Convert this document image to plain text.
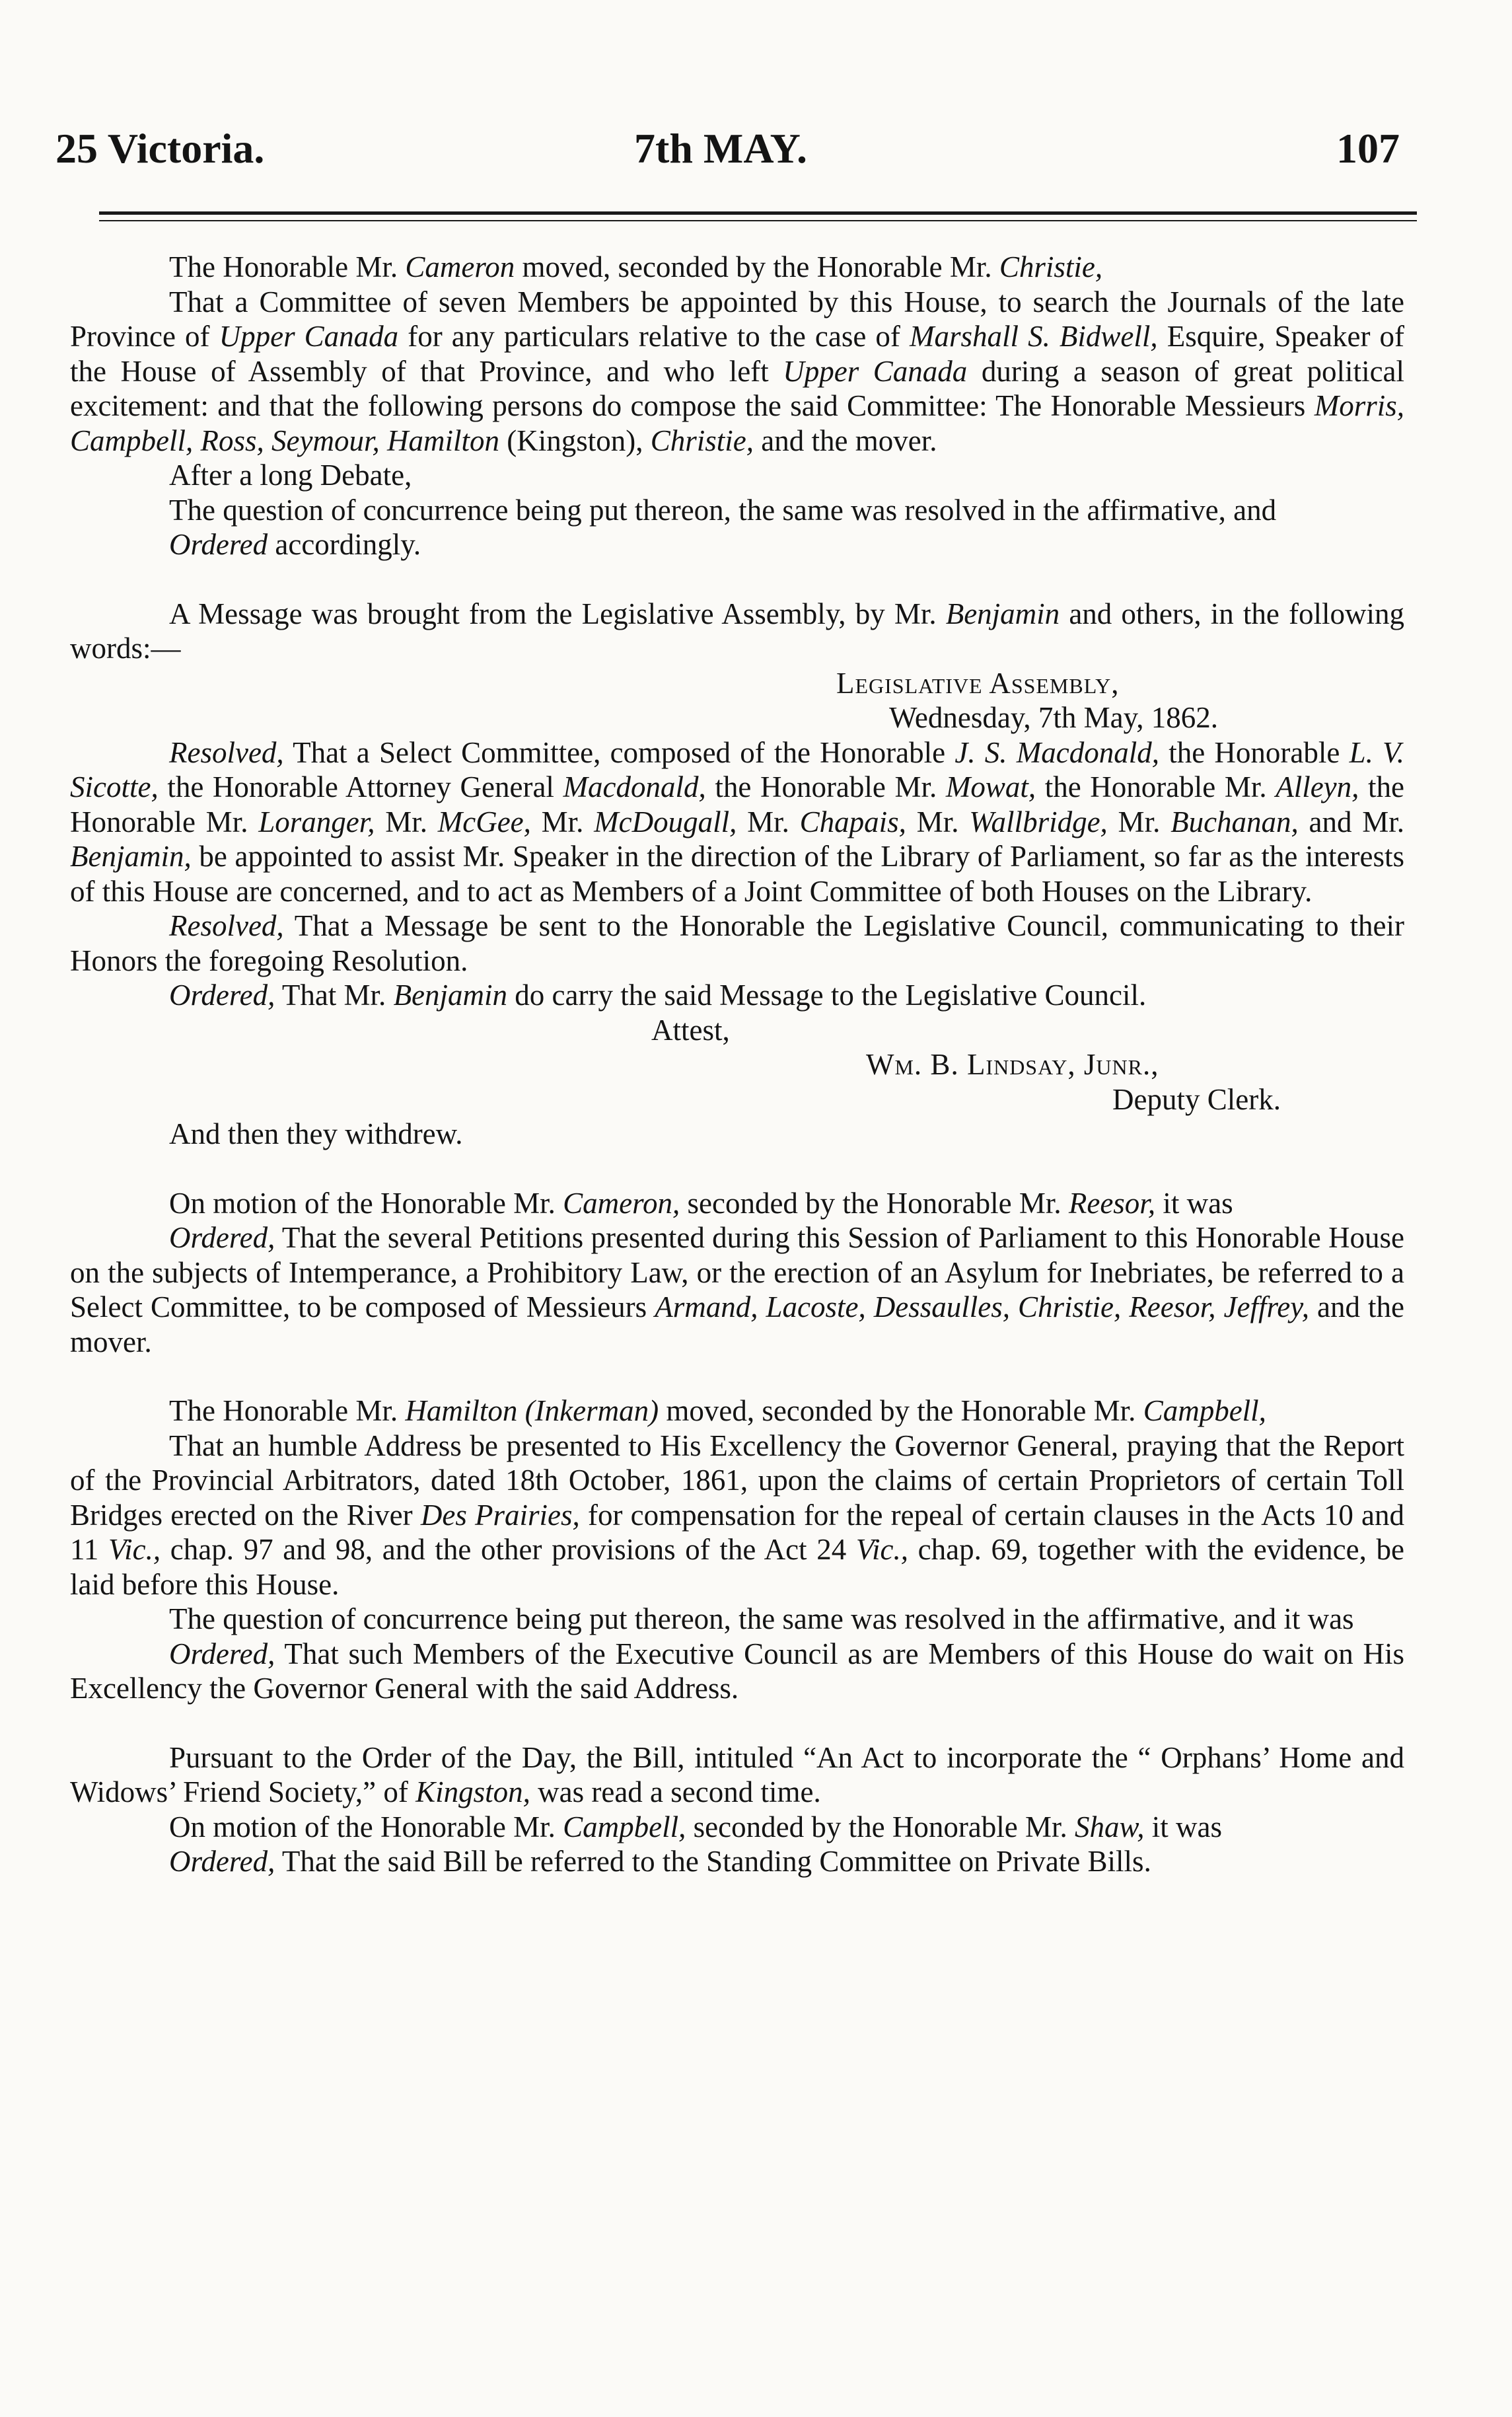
25 Victoria.	7th MAY.	107

The Honorable Mr. Cameron moved, seconded by the Honorable Mr. Christie,

That a Committee of seven Members be appointed by this House, to search the Journals of the late Province of Upper Canada for any particulars relative to the case of Marshall S. Bidwell, Esquire, Speaker of the House of Assembly of that Province, and who left Upper Canada during a season of great political excitement: and that the following persons do compose the said Committee: The Honorable Messieurs Morris, Campbell, Ross, Seymour, Hamilton (Kingston), Christie, and the mover.

After a long Debate,

The question of concurrence being put thereon, the same was resolved in the affirmative, and

Ordered accordingly.

A Message was brought from the Legislative Assembly, by Mr. Benjamin and others, in the following words:—

Legislative Assembly,

Wednesday, 7th May, 1862.

Resolved, That a Select Committee, composed of the Honorable J. S. Macdonald, the Honorable L. V. Sicotte, the Honorable Attorney General Macdonald, the Honorable Mr. Mowat, the Honorable Mr. Alleyn, the Honorable Mr. Loranger, Mr. McGee, Mr. McDougall, Mr. Chapais, Mr. Wallbridge, Mr. Buchanan, and Mr. Benjamin, be appointed to assist Mr. Speaker in the direction of the Library of Parliament, so far as the interests of this House are concerned, and to act as Members of a Joint Committee of both Houses on the Library.

Resolved, That a Message be sent to the Honorable the Legislative Council, communicating to their Honors the foregoing Resolution.

Ordered, That Mr. Benjamin do carry the said Message to the Legislative Council.

Attest,

Wm. B. Lindsay, Junr.,

Deputy Clerk.

And then they withdrew.

On motion of the Honorable Mr. Cameron, seconded by the Honorable Mr. Reesor, it was

Ordered, That the several Petitions presented during this Session of Parliament to this Honorable House on the subjects of Intemperance, a Prohibitory Law, or the erection of an Asylum for Inebriates, be referred to a Select Committee, to be composed of Messieurs Armand, Lacoste, Dessaulles, Christie, Reesor, Jeffrey, and the mover.

The Honorable Mr. Hamilton (Inkerman) moved, seconded by the Honorable Mr. Campbell,

That an humble Address be presented to His Excellency the Governor General, praying that the Report of the Provincial Arbitrators, dated 18th October, 1861, upon the claims of certain Proprietors of certain Toll Bridges erected on the River Des Prairies, for compensation for the repeal of certain clauses in the Acts 10 and 11 Vic., chap. 97 and 98, and the other provisions of the Act 24 Vic., chap. 69, together with the evidence, be laid before this House.

The question of concurrence being put thereon, the same was resolved in the affirmative, and it was

Ordered, That such Members of the Executive Council as are Members of this House do wait on His Excellency the Governor General with the said Address.

Pursuant to the Order of the Day, the Bill, intituled “An Act to incorporate the “ Orphans’ Home and Widows’ Friend Society,” of Kingston, was read a second time.

On motion of the Honorable Mr. Campbell, seconded by the Honorable Mr. Shaw, it was

Ordered, That the said Bill be referred to the Standing Committee on Private Bills.
